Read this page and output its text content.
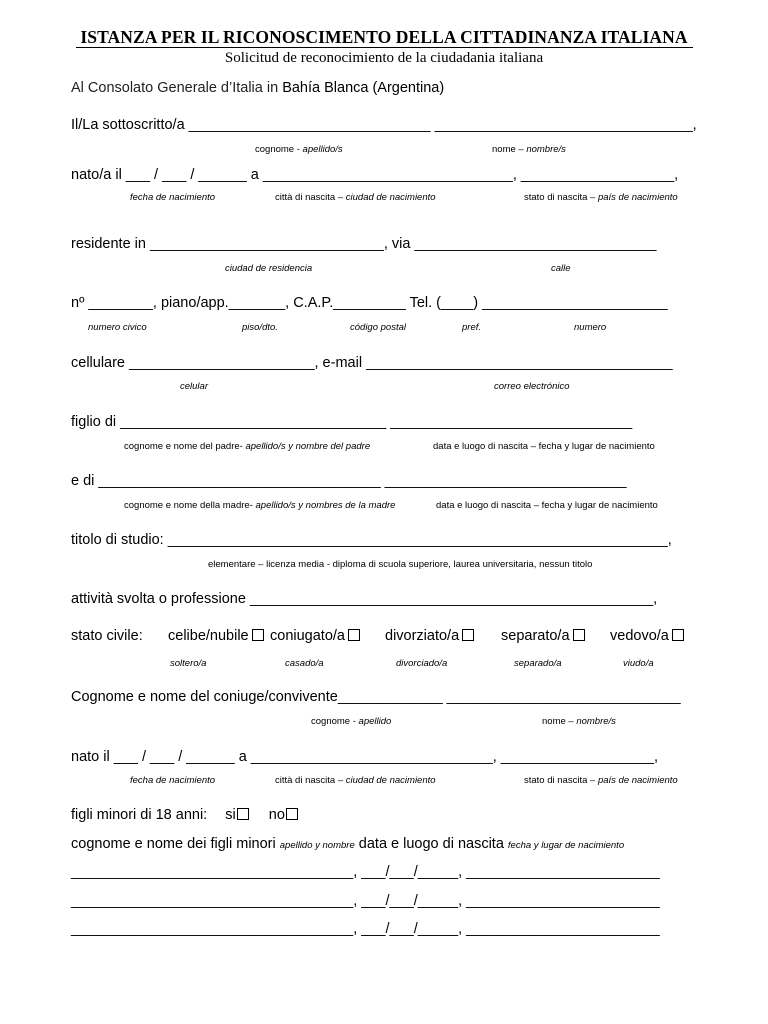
ISTANZA PER IL RICONOSCIMENTO DELLA CITTADINANZA ITALIANA
Solicitud de reconocimiento de la ciudadania italiana
Al Consolato Generale d’Italia in Bahía Blanca (Argentina)
Il/La sottoscritto/a ______________________________ ________________________________,
cognome - apellido/s	nome – nombre/s
nato/a il ___ / ___ / ______ a _______________________________, ___________________,
fecha de nacimiento	città di nascita – ciudad de nacimiento	stato di nascita – país de nacimiento
residente in _____________________________, via ______________________________
ciudad de residencia	calle
nº ________, piano/app._______, C.A.P._________ Tel. (____) _______________________
numero civico	piso/dto.	código postal	pref.	numero
cellulare _______________________, e-mail ______________________________________
celular	correo electrónico
figlio di _________________________________ ______________________________
cognome e nome del padre- apellido/s y nombre del padre	data e luogo di nascita – fecha y lugar de nacimiento
e di ___________________________________ ______________________________
cognome e nome della madre- apellido/s y nombres de la madre	data e luogo di nascita – fecha y lugar de nacimiento
titolo di studio: ______________________________________________________________,
elementare – licenza media - diploma di scuola superiore, laurea universitaria, nessun titolo
attività svolta o professione __________________________________________________,
stato civile: celibe/nubile	coniugato/a	divorziato/a	separato/a	vedovo/a
soltero/a	casado/a	divorciado/a	separado/a	viudo/a
Cognome e nome del coniuge/convivente_____________ _____________________________
cognome - apellido	nome – nombre/s
nato il ___ / ___ / ______ a ______________________________, ___________________,
fecha de nacimiento	città di nascita – ciudad de nacimiento	stato di nascita – país de nacimiento
figli minori di 18 anni: si no
cognome e nome dei figli minori apellido y nombre data e luogo di nascita fecha y lugar de nacimiento
___________________________________, ___/___/_____, ________________________
___________________________________, ___/___/_____, ________________________
___________________________________, ___/___/_____, ________________________
